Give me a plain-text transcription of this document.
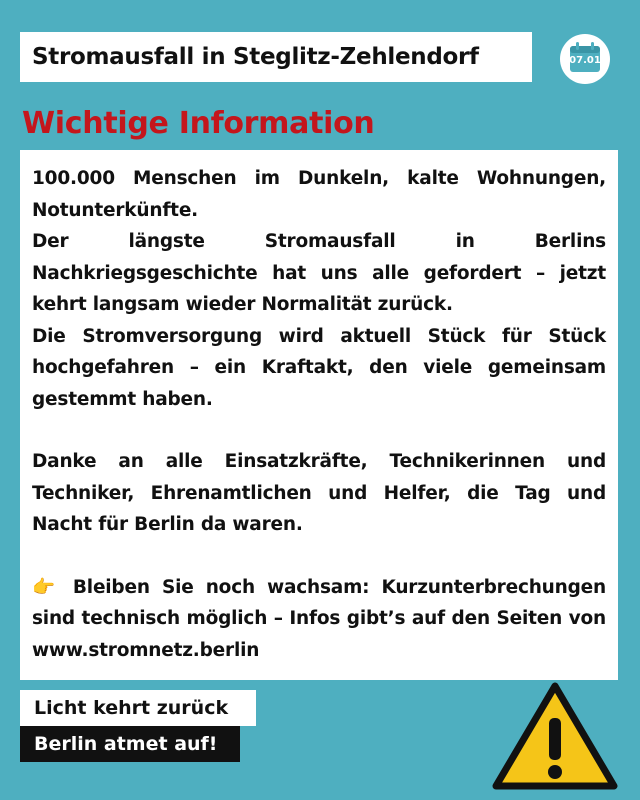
Stromausfall in Steglitz-Zehlendorf	07.01
Wichtige Information

100.000 Menschen im Dunkeln, kalte Wohnungen, Notunterkünfte.

Der längste Stromausfall in Berlins Nachkriegsgeschichte hat uns alle gefordert – jetzt kehrt langsam wieder Normalität zurück.

Die Stromversorgung wird aktuell Stück für Stück hochgefahren – ein Kraftakt, den viele gemeinsam gestemmt haben.

Danke an alle Einsatzkräfte, Technikerinnen und Techniker, Ehrenamtlichen und Helfer, die Tag und Nacht für Berlin da waren.

👉 Bleiben Sie noch wachsam: Kurzunterbrechungen sind technisch möglich – Infos gibt’s auf den Seiten von www.stromnetz.berlin

Licht kehrt zurück
Berlin atmet auf!
